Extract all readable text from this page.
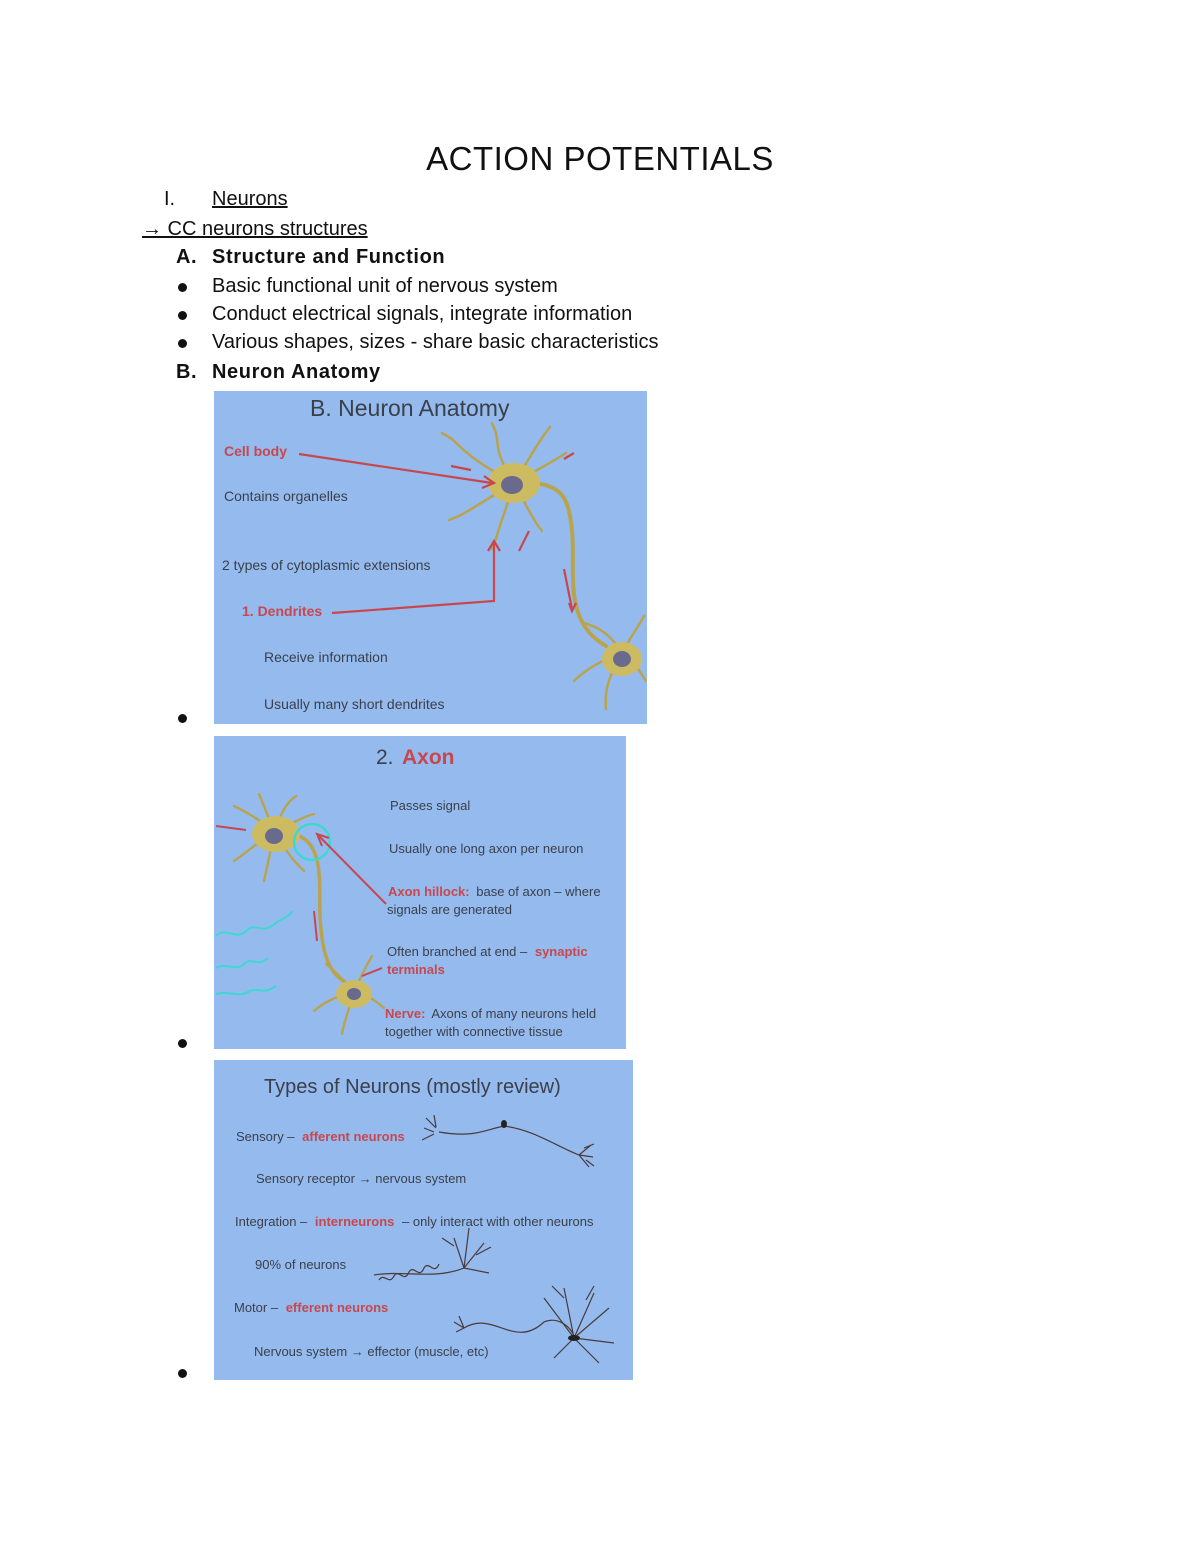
ACTION POTENTIALS
I. Neurons
→ CC neurons structures
A. Structure and Function
Basic functional unit of nervous system
Conduct electrical signals, integrate information
Various shapes, sizes - share basic characteristics
B. Neuron Anatomy
B. Neuron Anatomy
Cell body
Contains organelles
2 types of cytoplasmic extensions
1. Dendrites
Receive information
Usually many short dendrites
2. Axon
Passes signal
Usually one long axon per neuron
Axon hillock: base of axon – where
signals are generated
Often branched at end – synaptic
terminals
Nerve: Axons of many neurons held
together with connective tissue
Types of Neurons (mostly review)
Sensory – afferent neurons
Sensory receptor → nervous system
Integration – interneurons – only interact with other neurons
90% of neurons
Motor – efferent neurons
Nervous system → effector (muscle, etc)
